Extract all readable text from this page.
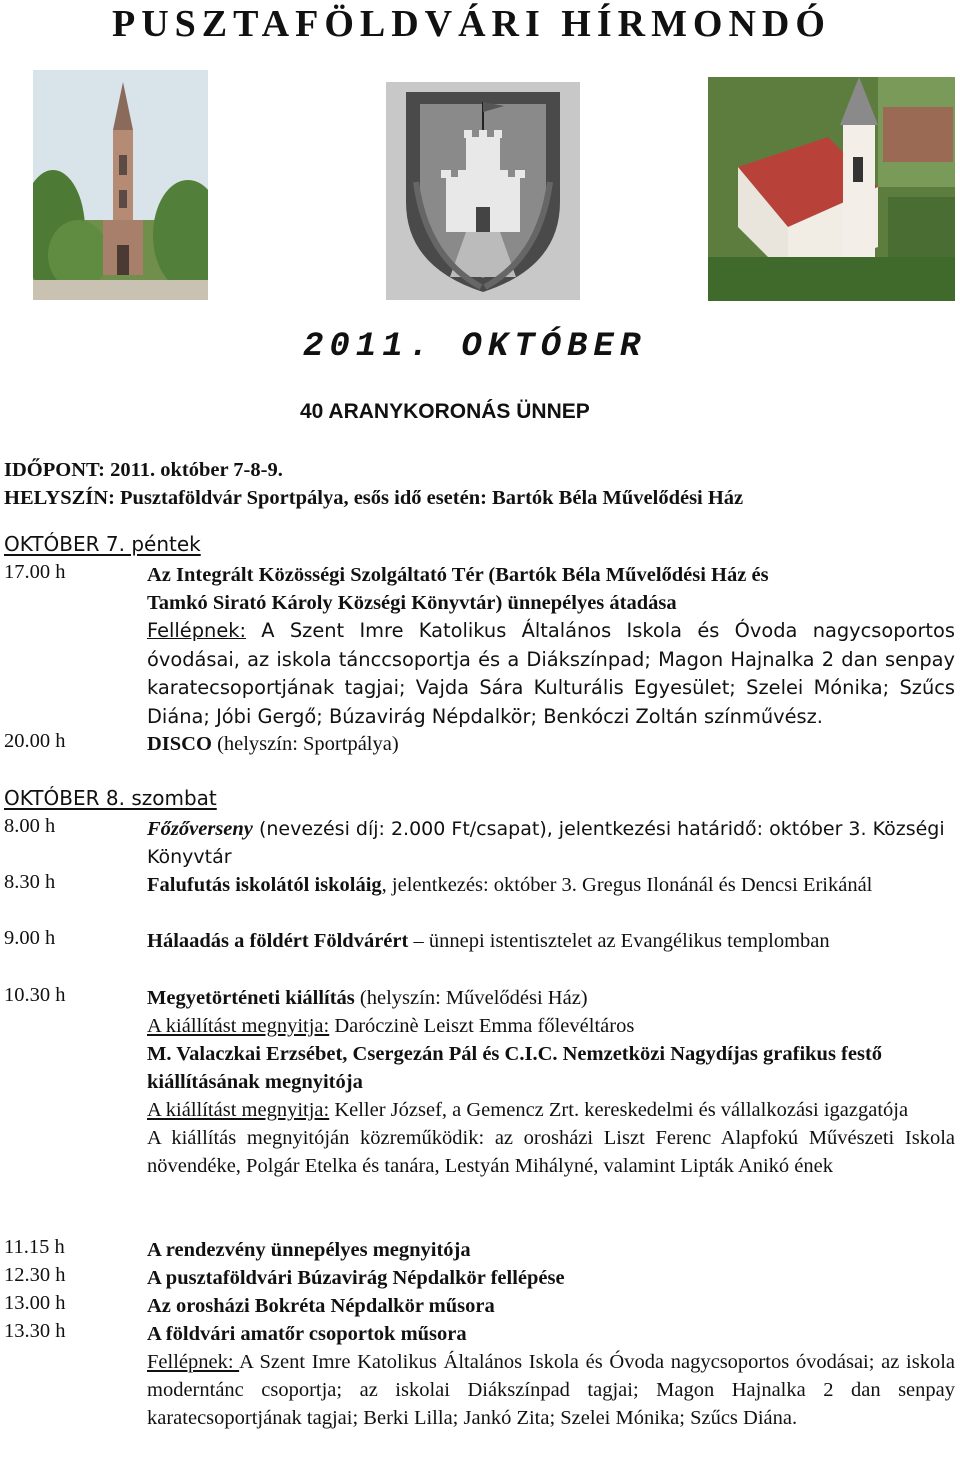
PUSZTAFÖLDVÁRI HÍRMONDÓ
2011. OKTÓBER
40 ARANYKORONÁS ÜNNEP
IDŐPONT: 2011. október 7-8-9.
HELYSZÍN: Pusztaföldvár Sportpálya, esős idő esetén: Bartók Béla Művelődési Ház
OKTÓBER 7. péntek
17.00 h	Az Integrált Közösségi Szolgáltató Tér (Bartók Béla Művelődési Ház és

Tamkó Sirató Károly Községi Könyvtár) ünnepélyes átadása

Fellépnek: A Szent Imre Katolikus Általános Iskola és Óvoda nagycsoportos óvodásai, az iskola tánccsoportja és a Diákszínpad; Magon Hajnalka 2 dan senpay karatecsoportjának tagjai; Vajda Sára Kulturális Egyesület; Szelei Mónika; Szűcs Diána; Jóbi Gergő; Búzavirág Népdalkör; Benkóczi Zoltán színművész.

20.00 h	DISCO (helyszín: Sportpálya)

OKTÓBER 8. szombat
8.00 h	Főzőverseny (nevezési díj: 2.000 Ft/csapat), jelentkezési határidő: október 3. Községi Könyvtár

8.30 h	Falufutás iskolától iskoláig, jelentkezés: október 3. Gregus Ilonánál és Dencsi Erikánál

9.00 h	Hálaadás a földért Földvárért – ünnepi istentisztelet az Evangélikus templomban

10.30 h	Megyetörténeti kiállítás (helyszín: Művelődési Ház)

A kiállítást megnyitja: Daróczinè Leiszt Emma főlevéltáros

M. Valaczkai Erzsébet, Csergezán Pál és C.I.C. Nemzetközi Nagydíjas grafikus festő kiállításának megnyitója

A kiállítást megnyitja: Keller József, a Gemencz Zrt. kereskedelmi és vállalkozási igazgatója

A kiállítás megnyitóján közreműködik: az orosházi Liszt Ferenc Alapfokú Művészeti Iskola növendéke, Polgár Etelka és tanára, Lestyán Mihályné, valamint Lipták Anikó ének

11.15 h	A rendezvény ünnepélyes megnyitója
12.30 h	A pusztaföldvári Búzavirág Népdalkör fellépése
13.00 h	Az orosházi Bokréta Népdalkör műsora
13.30 h	A földvári amatőr csoportok műsora

Fellépnek: A Szent Imre Katolikus Általános Iskola és Óvoda nagycsoportos óvodásai; az iskola moderntánc csoportja; az iskolai Diákszínpad tagjai; Magon Hajnalka 2 dan senpay karatecsoportjának tagjai; Berki Lilla; Jankó Zita; Szelei Mónika; Szűcs Diána.
